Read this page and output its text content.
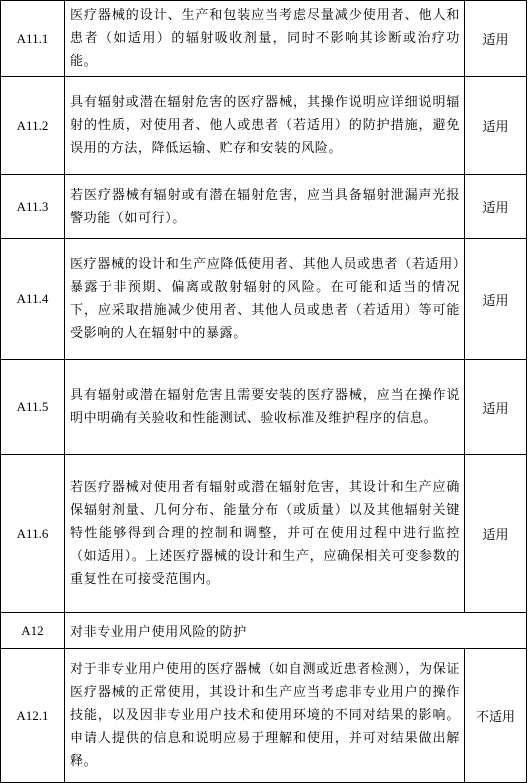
A11.1	医疗器械的设计、生产和包装应当考虑尽量减少使用者、他人和患者（如适用）的辐射吸收剂量，同时不影响其诊断或治疗功能。	适用
A11.2	具有辐射或潜在辐射危害的医疗器械，其操作说明应详细说明辐射的性质，对使用者、他人或患者（若适用）的防护措施，避免误用的方法，降低运输、贮存和安装的风险。	适用
A11.3	若医疗器械有辐射或有潜在辐射危害，应当具备辐射泄漏声光报警功能（如可行）。	适用
A11.4	医疗器械的设计和生产应降低使用者、其他人员或患者（若适用）暴露于非预期、偏离或散射辐射的风险。在可能和适当的情况下，应采取措施减少使用者、其他人员或患者（若适用）等可能受影响的人在辐射中的暴露。	适用
A11.5	具有辐射或潜在辐射危害且需要安装的医疗器械，应当在操作说明中明确有关验收和性能测试、验收标准及维护程序的信息。	适用
A11.6	若医疗器械对使用者有辐射或潜在辐射危害，其设计和生产应确保辐射剂量、几何分布、能量分布（或质量）以及其他辐射关键特性能够得到合理的控制和调整，并可在使用过程中进行监控（如适用）。上述医疗器械的设计和生产，应确保相关可变参数的重复性在可接受范围内。	适用
A12	对非专业用户使用风险的防护	
A12.1	对于非专业用户使用的医疗器械（如自测或近患者检测），为保证医疗器械的正常使用，其设计和生产应当考虑非专业用户的操作技能，以及因非专业用户技术和使用环境的不同对结果的影响。申请人提供的信息和说明应易于理解和使用，并可对结果做出解释。	不适用
